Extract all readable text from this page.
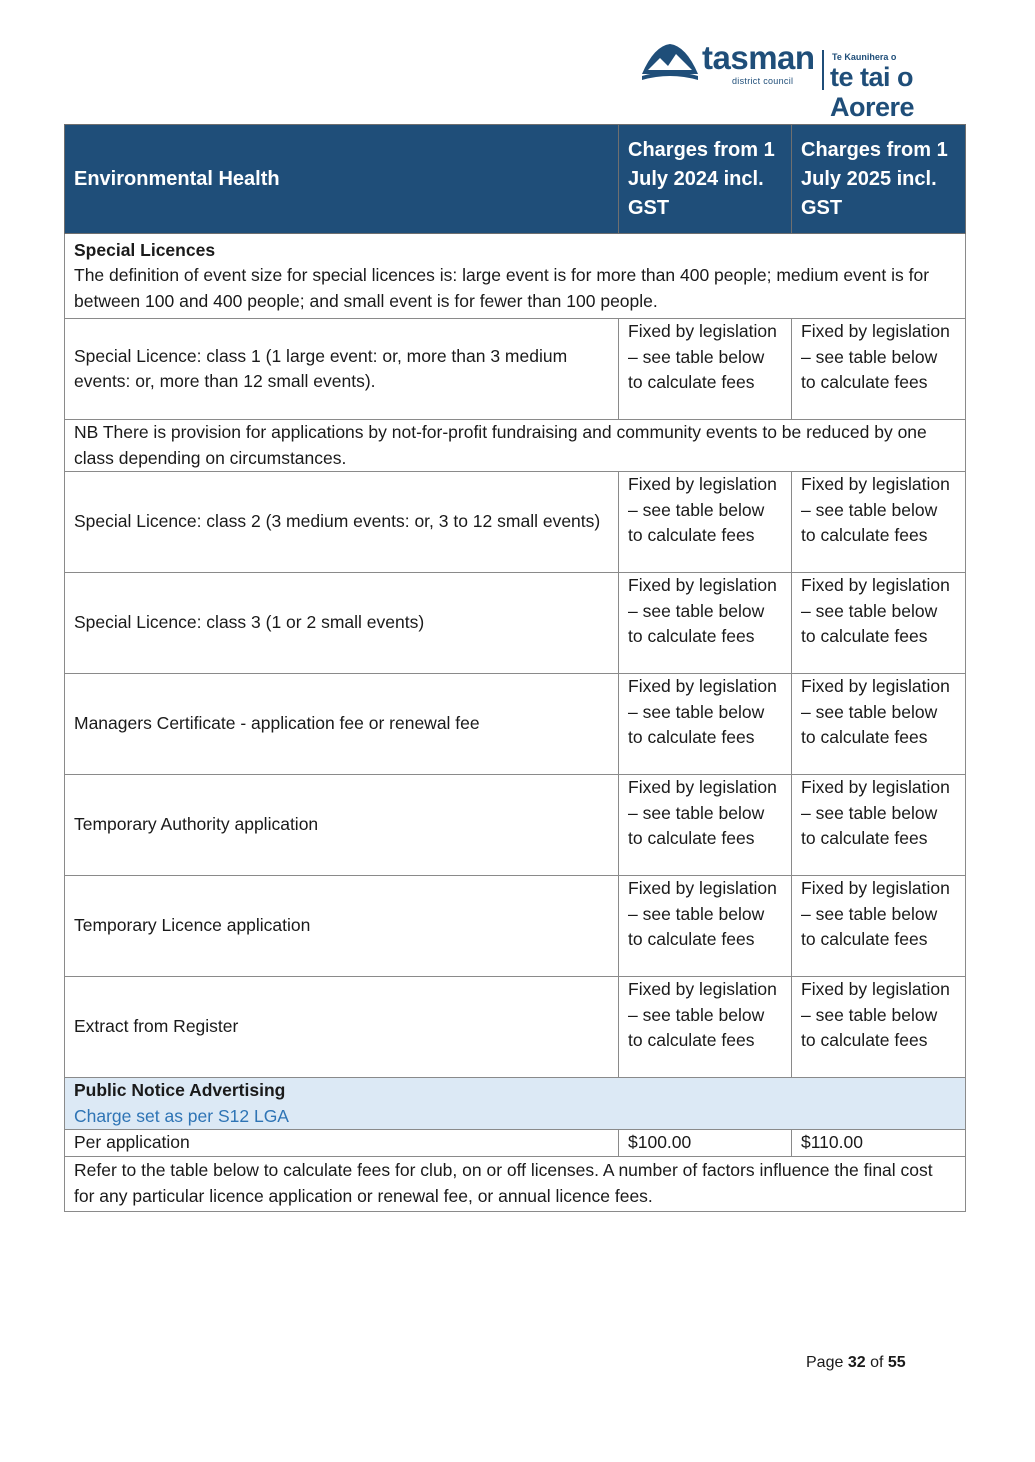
tasman
district council
Te Kaunihera o
te tai o Aorere
Environmental Health	Charges from 1 July 2024 incl. GST	Charges from 1 July 2025 incl. GST

Special Licences
The definition of event size for special licences is: large event is for more than 400 people; medium event is for between 100 and 400 people; and small event is for fewer than 100 people.		

Special Licence: class 1 (1 large event: or, more than 3 medium events: or, more than 12 small events).	Fixed by legislation – see table below to calculate fees	Fixed by legislation – see table below to calculate fees
NB There is provision for applications by not-for-profit fundraising and community events to be reduced by one class depending on circumstances.		
Special Licence: class 2 (3 medium events: or, 3 to 12 small events)	Fixed by legislation – see table below to calculate fees	Fixed by legislation – see table below to calculate fees
Special Licence: class 3 (1 or 2 small events)	Fixed by legislation – see table below to calculate fees	Fixed by legislation – see table below to calculate fees
Managers Certificate - application fee or renewal fee	Fixed by legislation – see table below to calculate fees	Fixed by legislation – see table below to calculate fees
Temporary Authority application	Fixed by legislation – see table below to calculate fees	Fixed by legislation – see table below to calculate fees
Temporary Licence application	Fixed by legislation – see table below to calculate fees	Fixed by legislation – see table below to calculate fees
Extract from Register	Fixed by legislation – see table below to calculate fees	Fixed by legislation – see table below to calculate fees

Public Notice Advertising
Charge set as per S12 LGA		

Per application	$100.00	$110.00
Refer to the table below to calculate fees for club, on or off licenses. A number of factors influence the final cost for any particular licence application or renewal fee, or annual licence fees.		
Page 32 of 55
